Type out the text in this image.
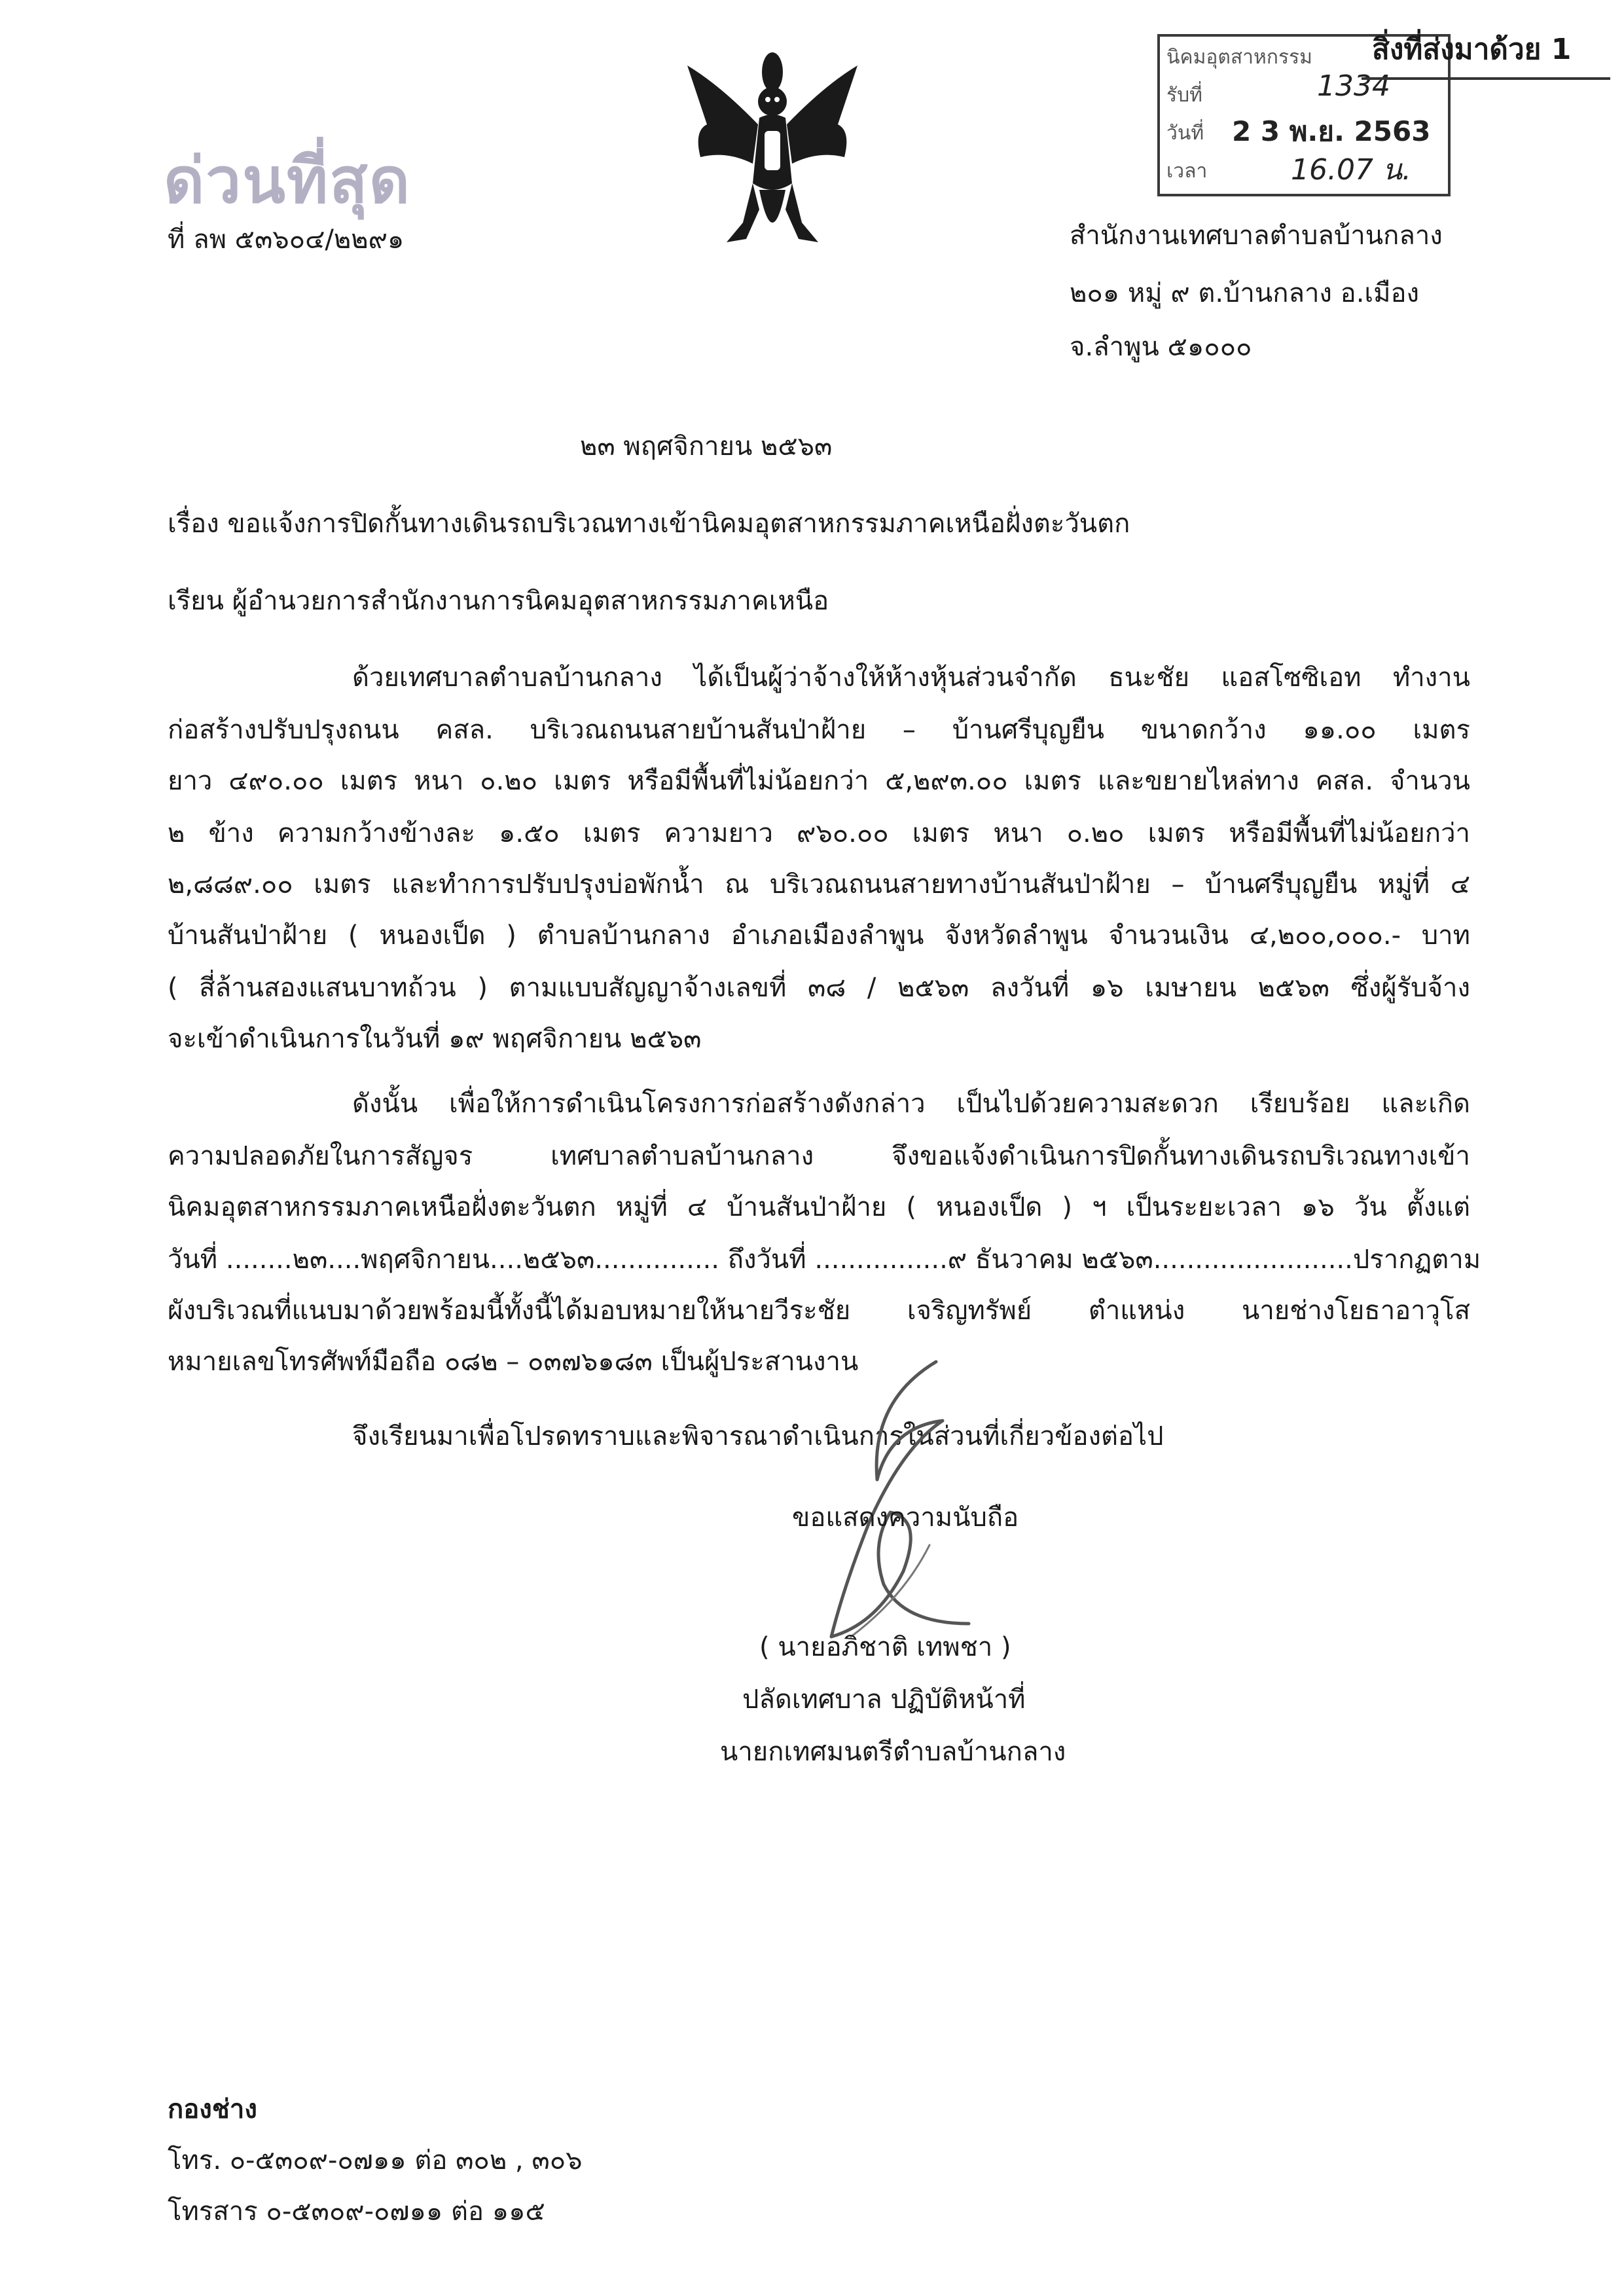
ด่วนที่สุด
ที่ ลพ ๕๓๖๐๔/๒๒๙๑
นิคมอุตสาหกรรม
รับที่	1334
วันที่ 2 3 พ.ย. 2563
เวลา	16.07 น.
สิ่งที่ส่งมาด้วย 1
สำนักงานเทศบาลตำบลบ้านกลาง
๒๐๑ หมู่ ๙ ต.บ้านกลาง อ.เมือง
จ.ลำพูน ๕๑๐๐๐
๒๓ พฤศจิกายน ๒๕๖๓
เรื่อง ขอแจ้งการปิดกั้นทางเดินรถบริเวณทางเข้านิคมอุตสาหกรรมภาคเหนือฝั่งตะวันตก
เรียน ผู้อำนวยการสำนักงานการนิคมอุตสาหกรรมภาคเหนือ
ด้วยเทศบาลตำบลบ้านกลาง ได้เป็นผู้ว่าจ้างให้ห้างหุ้นส่วนจำกัด ธนะชัย แอสโซซิเอท ทำงาน
ก่อสร้างปรับปรุงถนน คสล. บริเวณถนนสายบ้านสันป่าฝ้าย – บ้านศรีบุญยืน ขนาดกว้าง ๑๑.๐๐ เมตร
ยาว ๔๙๐.๐๐ เมตร หนา ๐.๒๐ เมตร หรือมีพื้นที่ไม่น้อยกว่า ๕,๒๙๓.๐๐ เมตร และขยายไหล่ทาง คสล. จำนวน
๒ ข้าง ความกว้างข้างละ ๑.๕๐ เมตร ความยาว ๙๖๐.๐๐ เมตร หนา ๐.๒๐ เมตร หรือมีพื้นที่ไม่น้อยกว่า
๒,๘๘๙.๐๐ เมตร และทำการปรับปรุงบ่อพักน้ำ ณ บริเวณถนนสายทางบ้านสันป่าฝ้าย – บ้านศรีบุญยืน หมู่ที่ ๔
บ้านสันป่าฝ้าย ( หนองเป็ด ) ตำบลบ้านกลาง อำเภอเมืองลำพูน จังหวัดลำพูน จำนวนเงิน ๔,๒๐๐,๐๐๐.- บาท
( สี่ล้านสองแสนบาทถ้วน ) ตามแบบสัญญาจ้างเลขที่ ๓๘ / ๒๕๖๓ ลงวันที่ ๑๖ เมษายน ๒๕๖๓ ซึ่งผู้รับจ้าง
จะเข้าดำเนินการในวันที่ ๑๙ พฤศจิกายน ๒๕๖๓
ดังนั้น เพื่อให้การดำเนินโครงการก่อสร้างดังกล่าว เป็นไปด้วยความสะดวก เรียบร้อย และเกิด
ความปลอดภัยในการสัญจร เทศบาลตำบลบ้านกลาง จึงขอแจ้งดำเนินการปิดกั้นทางเดินรถบริเวณทางเข้า
นิคมอุตสาหกรรมภาคเหนือฝั่งตะวันตก หมู่ที่ ๔ บ้านสันป่าฝ้าย ( หนองเป็ด ) ฯ เป็นระยะเวลา ๑๖ วัน ตั้งแต่
วันที่ ........๒๓....พฤศจิกายน....๒๕๖๓............... ถึงวันที่ ................๙ ธันวาคม ๒๕๖๓........................ปรากฏตาม
ผังบริเวณที่แนบมาด้วยพร้อมนี้ทั้งนี้ได้มอบหมายให้นายวีระชัย เจริญทรัพย์ ตำแหน่ง นายช่างโยธาอาวุโส
หมายเลขโทรศัพท์มือถือ ๐๘๒ – ๐๓๗๖๑๘๓ เป็นผู้ประสานงาน
จึงเรียนมาเพื่อโปรดทราบและพิจารณาดำเนินการในส่วนที่เกี่ยวข้องต่อไป
ขอแสดงความนับถือ
( นายอภิชาติ เทพชา )
ปลัดเทศบาล ปฏิบัติหน้าที่
นายกเทศมนตรีตำบลบ้านกลาง
กองช่าง
โทร. ๐-๕๓๐๙-๐๗๑๑ ต่อ ๓๐๒ , ๓๐๖
โทรสาร ๐-๕๓๐๙-๐๗๑๑ ต่อ ๑๑๕
